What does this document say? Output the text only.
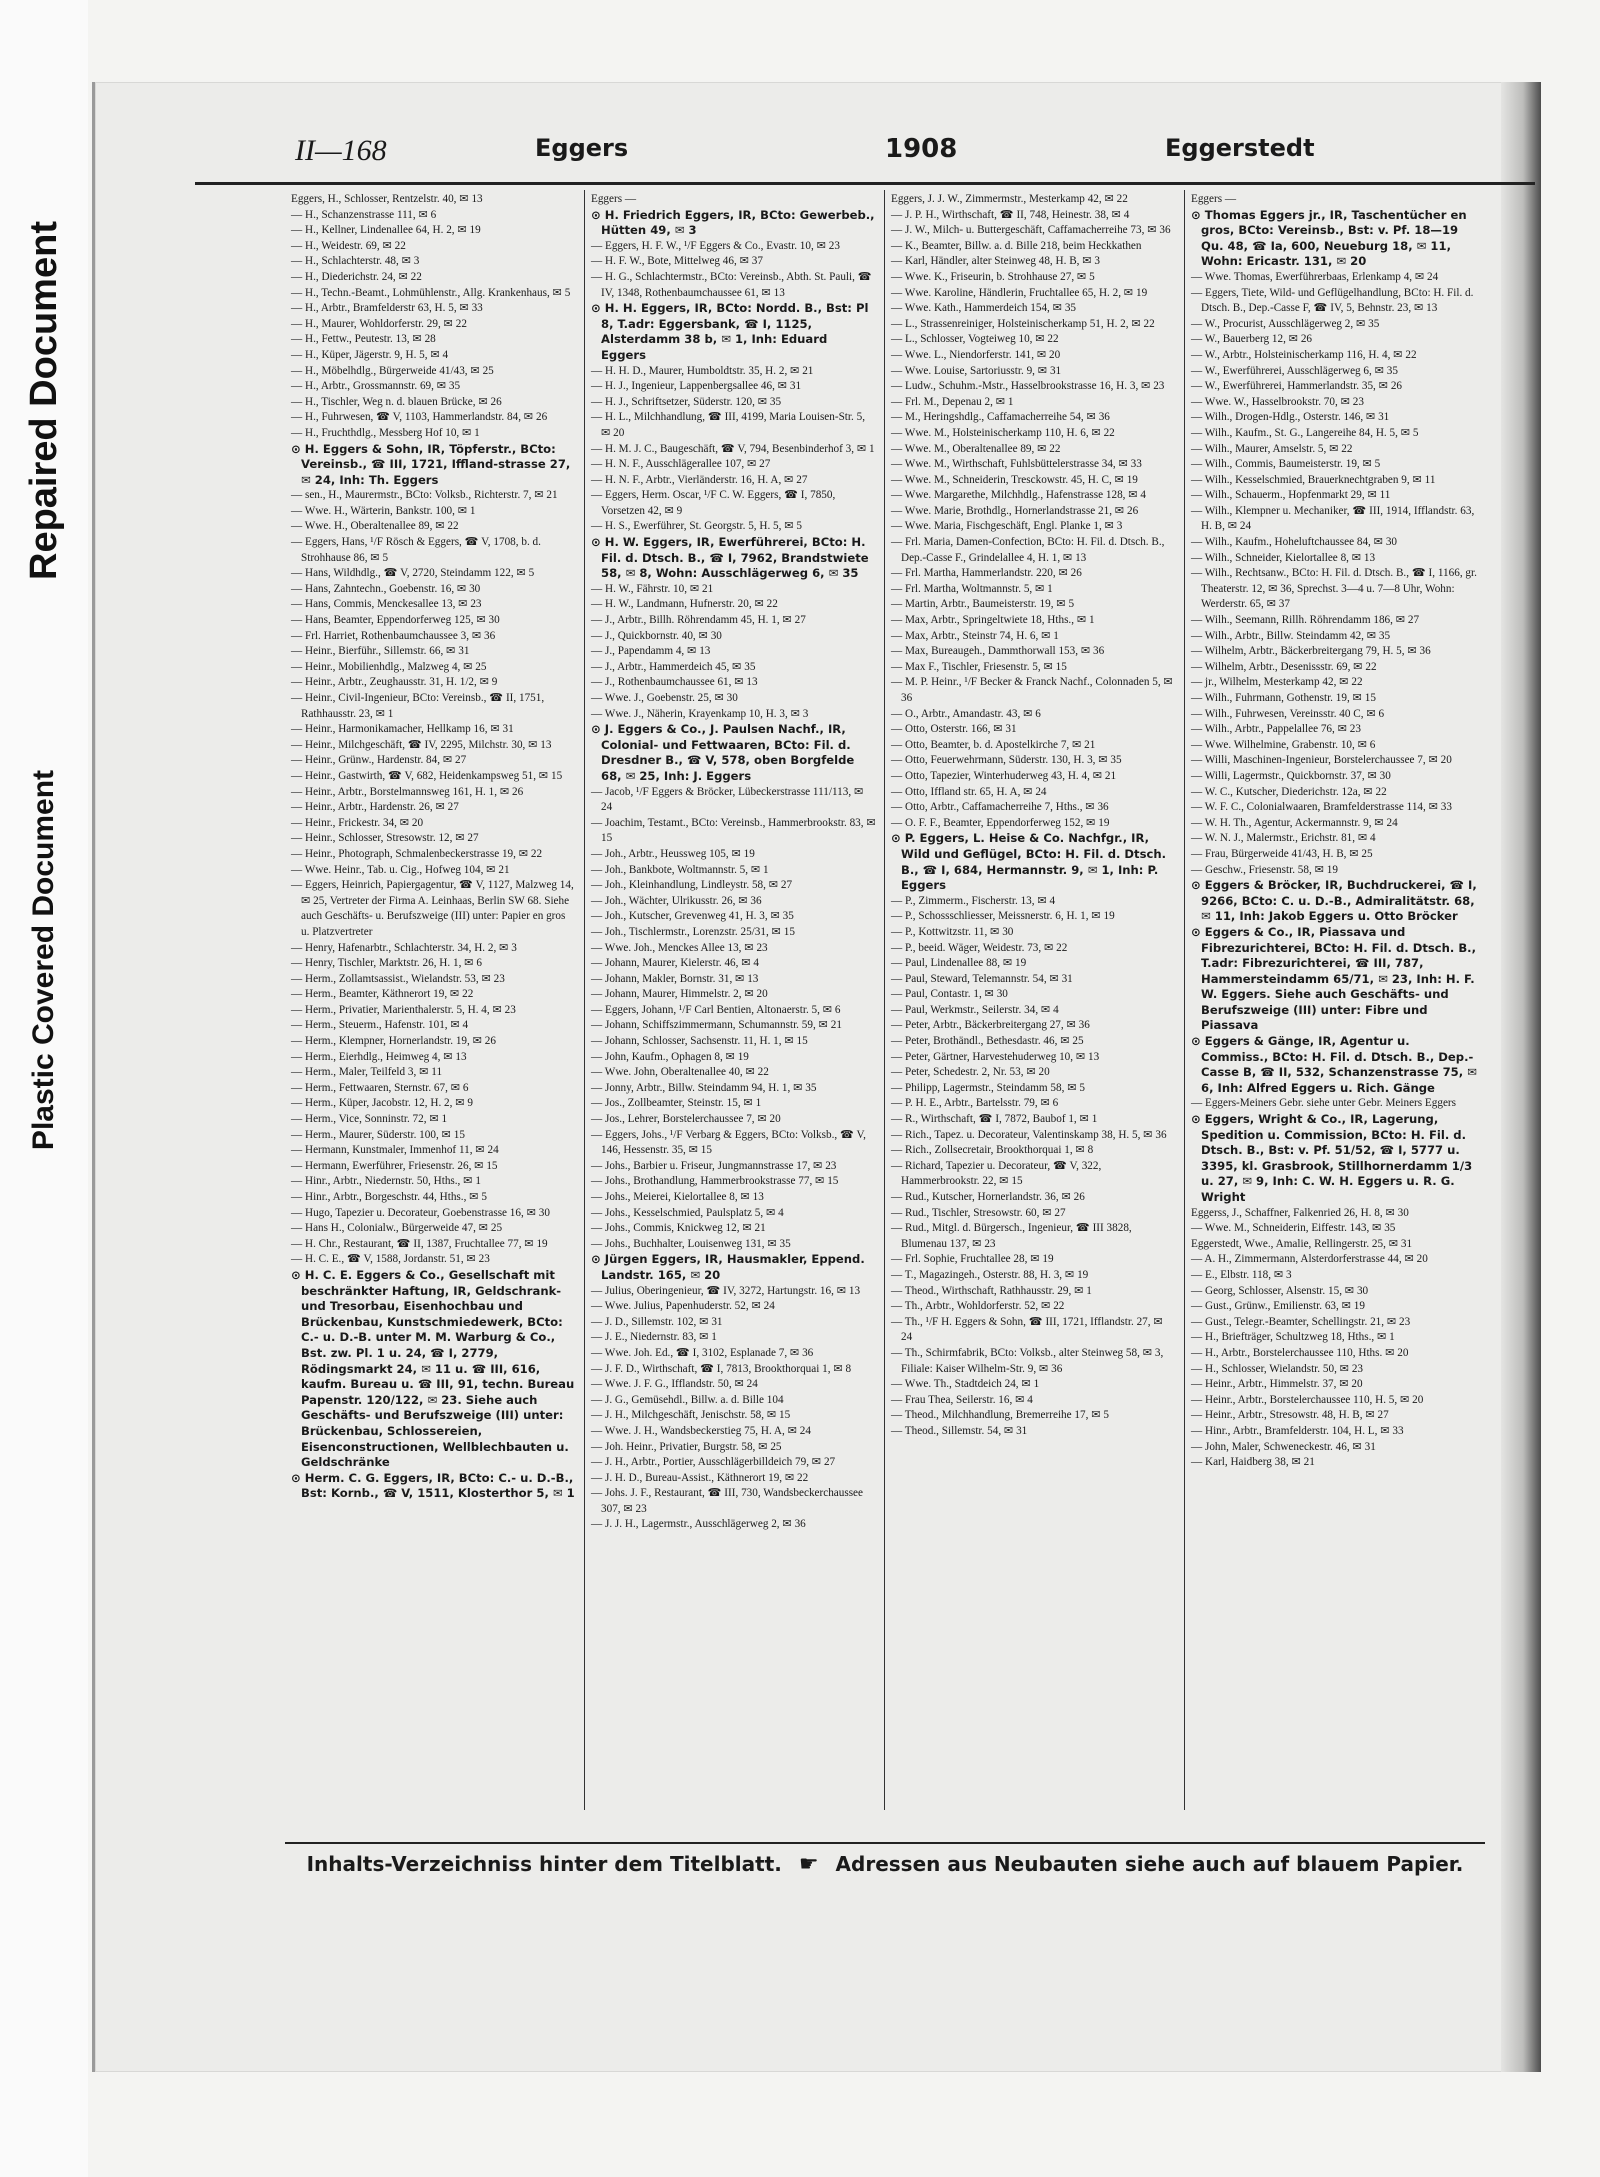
Repaired Document
Plastic Covered Document
II—168	Eggers	1908	Eggerstedt

Eggers, H., Schlosser, Rentzelstr. 40, ✉ 13

— H., Schanzenstrasse 111, ✉ 6

— H., Kellner, Lindenallee 64, H. 2, ✉ 19

— H., Weidestr. 69, ✉ 22

— H., Schlachterstr. 48, ✉ 3

— H., Diederichstr. 24, ✉ 22

— H., Techn.-Beamt., Lohmühlenstr., Allg. Krankenhaus, ✉ 5

— H., Arbtr., Bramfelderstr 63, H. 5, ✉ 33

— H., Maurer, Wohldorferstr. 29, ✉ 22

— H., Fettw., Peutestr. 13, ✉ 28

— H., Küper, Jägerstr. 9, H. 5, ✉ 4

— H., Möbelhdlg., Bürgerweide 41/43, ✉ 25

— H., Arbtr., Grossmannstr. 69, ✉ 35

— H., Tischler, Weg n. d. blauen Brücke, ✉ 26

— H., Fuhrwesen, ☎ V, 1103, Hammerlandstr. 84, ✉ 26

— H., Fruchthdlg., Messberg Hof 10, ✉ 1

⊙ H. Eggers & Sohn, IR, Töpferstr., BCto: Vereinsb., ☎ III, 1721, Iffland-strasse 27, ✉ 24, Inh: Th. Eggers

— sen., H., Maurermstr., BCto: Volksb., Richterstr. 7, ✉ 21

— Wwe. H., Wärterin, Bankstr. 100, ✉ 1

— Wwe. H., Oberaltenallee 89, ✉ 22

— Eggers, Hans, ¹/F Rösch & Eggers, ☎ V, 1708, b. d. Strohhause 86, ✉ 5

— Hans, Wildhdlg., ☎ V, 2720, Steindamm 122, ✉ 5

— Hans, Zahntechn., Goebenstr. 16, ✉ 30

— Hans, Commis, Menckesallee 13, ✉ 23

— Hans, Beamter, Eppendorferweg 125, ✉ 30

— Frl. Harriet, Rothenbaumchaussee 3, ✉ 36

— Heinr., Bierführ., Sillemstr. 66, ✉ 31

— Heinr., Mobilienhdlg., Malzweg 4, ✉ 25

— Heinr., Arbtr., Zeughausstr. 31, H. 1/2, ✉ 9

— Heinr., Civil-Ingenieur, BCto: Vereinsb., ☎ II, 1751, Rathhausstr. 23, ✉ 1

— Heinr., Harmonikamacher, Hellkamp 16, ✉ 31

— Heinr., Milchgeschäft, ☎ IV, 2295, Milchstr. 30, ✉ 13

— Heinr., Grünw., Hardenstr. 84, ✉ 27

— Heinr., Gastwirth, ☎ V, 682, Heidenkampsweg 51, ✉ 15

— Heinr., Arbtr., Borstelmannsweg 161, H. 1, ✉ 26

— Heinr., Arbtr., Hardenstr. 26, ✉ 27

— Heinr., Frickestr. 34, ✉ 20

— Heinr., Schlosser, Stresowstr. 12, ✉ 27

— Heinr., Photograph, Schmalenbeckerstrasse 19, ✉ 22

— Wwe. Heinr., Tab. u. Cig., Hofweg 104, ✉ 21

— Eggers, Heinrich, Papiergagentur, ☎ V, 1127, Malzweg 14, ✉ 25, Vertreter der Firma A. Leinhaas, Berlin SW 68. Siehe auch Geschäfts- u. Berufszweige (III) unter: Papier en gros u. Platzvertreter

— Henry, Hafenarbtr., Schlachterstr. 34, H. 2, ✉ 3

— Henry, Tischler, Marktstr. 26, H. 1, ✉ 6

— Herm., Zollamtsassist., Wielandstr. 53, ✉ 23

— Herm., Beamter, Käthnerort 19, ✉ 22

— Herm., Privatier, Marienthalerstr. 5, H. 4, ✉ 23

— Herm., Steuerm., Hafenstr. 101, ✉ 4

— Herm., Klempner, Hornerlandstr. 19, ✉ 26

— Herm., Eierhdlg., Heimweg 4, ✉ 13

— Herm., Maler, Teilfeld 3, ✉ 11

— Herm., Fettwaaren, Sternstr. 67, ✉ 6

— Herm., Küper, Jacobstr. 12, H. 2, ✉ 9

— Herm., Vice, Sonninstr. 72, ✉ 1

— Herm., Maurer, Süderstr. 100, ✉ 15

— Hermann, Kunstmaler, Immenhof 11, ✉ 24

— Hermann, Ewerführer, Friesenstr. 26, ✉ 15

— Hinr., Arbtr., Niedernstr. 50, Hths., ✉ 1

— Hinr., Arbtr., Borgeschstr. 44, Hths., ✉ 5

— Hugo, Tapezier u. Decorateur, Goebenstrasse 16, ✉ 30

— Hans H., Colonialw., Bürgerweide 47, ✉ 25

— H. Chr., Restaurant, ☎ II, 1387, Fruchtallee 77, ✉ 19

— H. C. E., ☎ V, 1588, Jordanstr. 51, ✉ 23

⊙ H. C. E. Eggers & Co., Gesellschaft mit beschränkter Haftung, IR, Geldschrank- und Tresorbau, Eisenhochbau und Brückenbau, Kunstschmiedewerk, BCto: C.- u. D.-B. unter M. M. Warburg & Co., Bst. zw. Pl. 1 u. 24, ☎ I, 2779, Rödingsmarkt 24, ✉ 11 u. ☎ III, 616, kaufm. Bureau u. ☎ III, 91, techn. Bureau Papenstr. 120/122, ✉ 23. Siehe auch Geschäfts- und Berufszweige (III) unter: Brückenbau, Schlossereien, Eisenconstructionen, Wellblechbauten u. Geldschränke

⊙ Herm. C. G. Eggers, IR, BCto: C.- u. D.-B., Bst: Kornb., ☎ V, 1511, Klosterthor 5, ✉ 1

Eggers —

⊙ H. Friedrich Eggers, IR, BCto: Gewerbeb., Hütten 49, ✉ 3

— Eggers, H. F. W., ¹/F Eggers & Co., Evastr. 10, ✉ 23

— H. F. W., Bote, Mittelweg 46, ✉ 37

— H. G., Schlachtermstr., BCto: Vereinsb., Abth. St. Pauli, ☎ IV, 1348, Rothenbaumchaussee 61, ✉ 13

⊙ H. H. Eggers, IR, BCto: Nordd. B., Bst: Pl 8, T.adr: Eggersbank, ☎ I, 1125, Alsterdamm 38 b, ✉ 1, Inh: Eduard Eggers

— H. H. D., Maurer, Humboldtstr. 35, H. 2, ✉ 21

— H. J., Ingenieur, Lappenbergsallee 46, ✉ 31

— H. J., Schriftsetzer, Süderstr. 120, ✉ 35

— H. L., Milchhandlung, ☎ III, 4199, Maria Louisen-Str. 5, ✉ 20

— H. M. J. C., Baugeschäft, ☎ V, 794, Besenbinderhof 3, ✉ 1

— H. N. F., Ausschlägerallee 107, ✉ 27

— H. N. F., Arbtr., Vierländerstr. 16, H. A, ✉ 27

— Eggers, Herm. Oscar, ¹/F C. W. Eggers, ☎ I, 7850, Vorsetzen 42, ✉ 9

— H. S., Ewerführer, St. Georgstr. 5, H. 5, ✉ 5

⊙ H. W. Eggers, IR, Ewerführerei, BCto: H. Fil. d. Dtsch. B., ☎ I, 7962, Brandstwiete 58, ✉ 8, Wohn: Ausschlägerweg 6, ✉ 35

— H. W., Fährstr. 10, ✉ 21

— H. W., Landmann, Hufnerstr. 20, ✉ 22

— J., Arbtr., Billh. Röhrendamm 45, H. 1, ✉ 27

— J., Quickbornstr. 40, ✉ 30

— J., Papendamm 4, ✉ 13

— J., Arbtr., Hammerdeich 45, ✉ 35

— J., Rothenbaumchaussee 61, ✉ 13

— Wwe. J., Goebenstr. 25, ✉ 30

— Wwe. J., Näherin, Krayenkamp 10, H. 3, ✉ 3

⊙ J. Eggers & Co., J. Paulsen Nachf., IR, Colonial- und Fettwaaren, BCto: Fil. d. Dresdner B., ☎ V, 578, oben Borgfelde 68, ✉ 25, Inh: J. Eggers

— Jacob, ¹/F Eggers & Bröcker, Lübeckerstrasse 111/113, ✉ 24

— Joachim, Testamt., BCto: Vereinsb., Hammerbrookstr. 83, ✉ 15

— Joh., Arbtr., Heussweg 105, ✉ 19

— Joh., Bankbote, Woltmannstr. 5, ✉ 1

— Joh., Kleinhandlung, Lindleystr. 58, ✉ 27

— Joh., Wächter, Ulrikusstr. 26, ✉ 36

— Joh., Kutscher, Grevenweg 41, H. 3, ✉ 35

— Joh., Tischlermstr., Lorenzstr. 25/31, ✉ 15

— Wwe. Joh., Menckes Allee 13, ✉ 23

— Johann, Maurer, Kielerstr. 46, ✉ 4

— Johann, Makler, Bornstr. 31, ✉ 13

— Johann, Maurer, Himmelstr. 2, ✉ 20

— Eggers, Johann, ¹/F Carl Bentien, Altonaerstr. 5, ✉ 6

— Johann, Schiffszimmermann, Schumannstr. 59, ✉ 21

— Johann, Schlosser, Sachsenstr. 11, H. 1, ✉ 15

— John, Kaufm., Ophagen 8, ✉ 19

— Wwe. John, Oberaltenallee 40, ✉ 22

— Jonny, Arbtr., Billw. Steindamm 94, H. 1, ✉ 35

— Jos., Zollbeamter, Steinstr. 15, ✉ 1

— Jos., Lehrer, Borstelerchaussee 7, ✉ 20

— Eggers, Johs., ¹/F Verbarg & Eggers, BCto: Volksb., ☎ V, 146, Hessenstr. 35, ✉ 15

— Johs., Barbier u. Friseur, Jungmannstrasse 17, ✉ 23

— Johs., Brothandlung, Hammerbrookstrasse 77, ✉ 15

— Johs., Meierei, Kielortallee 8, ✉ 13

— Johs., Kesselschmied, Paulsplatz 5, ✉ 4

— Johs., Commis, Knickweg 12, ✉ 21

— Johs., Buchhalter, Louisenweg 131, ✉ 35

⊙ Jürgen Eggers, IR, Hausmakler, Eppend. Landstr. 165, ✉ 20

— Julius, Oberingenieur, ☎ IV, 3272, Hartungstr. 16, ✉ 13

— Wwe. Julius, Papenhuderstr. 52, ✉ 24

— J. D., Sillemstr. 102, ✉ 31

— J. E., Niedernstr. 83, ✉ 1

— Wwe. Joh. Ed., ☎ I, 3102, Esplanade 7, ✉ 36

— J. F. D., Wirthschaft, ☎ I, 7813, Brookthorquai 1, ✉ 8

— Wwe. J. F. G., Ifflandstr. 50, ✉ 24

— J. G., Gemüsehdl., Billw. a. d. Bille 104

— J. H., Milchgeschäft, Jenischstr. 58, ✉ 15

— Wwe. J. H., Wandsbeckerstieg 75, H. A, ✉ 24

— Joh. Heinr., Privatier, Burgstr. 58, ✉ 25

— J. H., Arbtr., Portier, Ausschlägerbilldeich 79, ✉ 27

— J. H. D., Bureau-Assist., Käthnerort 19, ✉ 22

— Johs. J. F., Restaurant, ☎ III, 730, Wandsbeckerchaussee 307, ✉ 23

— J. J. H., Lagermstr., Ausschlägerweg 2, ✉ 36

Eggers, J. J. W., Zimmermstr., Mesterkamp 42, ✉ 22

— J. P. H., Wirthschaft, ☎ II, 748, Heinestr. 38, ✉ 4

— J. W., Milch- u. Buttergeschäft, Caffamacherreihe 73, ✉ 36

— K., Beamter, Billw. a. d. Bille 218, beim Heckkathen

— Karl, Händler, alter Steinweg 48, H. B, ✉ 3

— Wwe. K., Friseurin, b. Strohhause 27, ✉ 5

— Wwe. Karoline, Händlerin, Fruchtallee 65, H. 2, ✉ 19

— Wwe. Kath., Hammerdeich 154, ✉ 35

— L., Strassenreiniger, Holsteinischerkamp 51, H. 2, ✉ 22

— L., Schlosser, Vogteiweg 10, ✉ 22

— Wwe. L., Niendorferstr. 141, ✉ 20

— Wwe. Louise, Sartoriusstr. 9, ✉ 31

— Ludw., Schuhm.-Mstr., Hasselbrookstrasse 16, H. 3, ✉ 23

— Frl. M., Depenau 2, ✉ 1

— M., Heringshdlg., Caffamacherreihe 54, ✉ 36

— Wwe. M., Holsteinischerkamp 110, H. 6, ✉ 22

— Wwe. M., Oberaltenallee 89, ✉ 22

— Wwe. M., Wirthschaft, Fuhlsbüttelerstrasse 34, ✉ 33

— Wwe. M., Schneiderin, Tresckowstr. 45, H. C, ✉ 19

— Wwe. Margarethe, Milchhdlg., Hafenstrasse 128, ✉ 4

— Wwe. Marie, Brothdlg., Hornerlandstrasse 21, ✉ 26

— Wwe. Maria, Fischgeschäft, Engl. Planke 1, ✉ 3

— Frl. Maria, Damen-Confection, BCto: H. Fil. d. Dtsch. B., Dep.-Casse F., Grindelallee 4, H. 1, ✉ 13

— Frl. Martha, Hammerlandstr. 220, ✉ 26

— Frl. Martha, Woltmannstr. 5, ✉ 1

— Martin, Arbtr., Baumeisterstr. 19, ✉ 5

— Max, Arbtr., Springeltwiete 18, Hths., ✉ 1

— Max, Arbtr., Steinstr 74, H. 6, ✉ 1

— Max, Bureaugeh., Dammthorwall 153, ✉ 36

— Max F., Tischler, Friesenstr. 5, ✉ 15

— M. P. Heinr., ¹/F Becker & Franck Nachf., Colonnaden 5, ✉ 36

— O., Arbtr., Amandastr. 43, ✉ 6

— Otto, Osterstr. 166, ✉ 31

— Otto, Beamter, b. d. Apostelkirche 7, ✉ 21

— Otto, Feuerwehrmann, Süderstr. 130, H. 3, ✉ 35

— Otto, Tapezier, Winterhuderweg 43, H. 4, ✉ 21

— Otto, Iffland str. 65, H. A, ✉ 24

— Otto, Arbtr., Caffamacherreihe 7, Hths., ✉ 36

— O. F. F., Beamter, Eppendorferweg 152, ✉ 19

⊙ P. Eggers, L. Heise & Co. Nachfgr., IR, Wild und Geflügel, BCto: H. Fil. d. Dtsch. B., ☎ I, 684, Hermannstr. 9, ✉ 1, Inh: P. Eggers

— P., Zimmerm., Fischerstr. 13, ✉ 4

— P., Schossschliesser, Meissnerstr. 6, H. 1, ✉ 19

— P., Kottwitzstr. 11, ✉ 30

— P., beeid. Wäger, Weidestr. 73, ✉ 22

— Paul, Lindenallee 88, ✉ 19

— Paul, Steward, Telemannstr. 54, ✉ 31

— Paul, Contastr. 1, ✉ 30

— Paul, Werkmstr., Seilerstr. 34, ✉ 4

— Peter, Arbtr., Bäckerbreitergang 27, ✉ 36

— Peter, Brothändl., Bethesdastr. 46, ✉ 25

— Peter, Gärtner, Harvestehuderweg 10, ✉ 13

— Peter, Schedestr. 2, Nr. 53, ✉ 20

— Philipp, Lagermstr., Steindamm 58, ✉ 5

— P. H. E., Arbtr., Bartelsstr. 79, ✉ 6

— R., Wirthschaft, ☎ I, 7872, Baubof 1, ✉ 1

— Rich., Tapez. u. Decorateur, Valentinskamp 38, H. 5, ✉ 36

— Rich., Zollsecretair, Brookthorquai 1, ✉ 8

— Richard, Tapezier u. Decorateur, ☎ V, 322, Hammerbrookstr. 22, ✉ 15

— Rud., Kutscher, Hornerlandstr. 36, ✉ 26

— Rud., Tischler, Stresowstr. 60, ✉ 27

— Rud., Mitgl. d. Bürgersch., Ingenieur, ☎ III 3828, Blumenau 137, ✉ 23

— Frl. Sophie, Fruchtallee 28, ✉ 19

— T., Magazingeh., Osterstr. 88, H. 3, ✉ 19

— Theod., Wirthschaft, Rathhausstr. 29, ✉ 1

— Th., Arbtr., Wohldorferstr. 52, ✉ 22

— Th., ¹/F H. Eggers & Sohn, ☎ III, 1721, Ifflandstr. 27, ✉ 24

— Th., Schirmfabrik, BCto: Volksb., alter Steinweg 58, ✉ 3, Filiale: Kaiser Wilhelm-Str. 9, ✉ 36

— Wwe. Th., Stadtdeich 24, ✉ 1

— Frau Thea, Seilerstr. 16, ✉ 4

— Theod., Milchhandlung, Bremerreihe 17, ✉ 5

— Theod., Sillemstr. 54, ✉ 31

Eggers —

⊙ Thomas Eggers jr., IR, Taschentücher en gros, BCto: Vereinsb., Bst: v. Pf. 18—19 Qu. 48, ☎ Ia, 600, Neueburg 18, ✉ 11, Wohn: Ericastr. 131, ✉ 20

— Wwe. Thomas, Ewerführerbaas, Erlenkamp 4, ✉ 24

— Eggers, Tiete, Wild- und Geflügelhandlung, BCto: H. Fil. d. Dtsch. B., Dep.-Casse F, ☎ IV, 5, Behnstr. 23, ✉ 13

— W., Procurist, Ausschlägerweg 2, ✉ 35

— W., Bauerberg 12, ✉ 26

— W., Arbtr., Holsteinischerkamp 116, H. 4, ✉ 22

— W., Ewerführerei, Ausschlägerweg 6, ✉ 35

— W., Ewerführerei, Hammerlandstr. 35, ✉ 26

— Wwe. W., Hasselbrookstr. 70, ✉ 23

— Wilh., Drogen-Hdlg., Osterstr. 146, ✉ 31

— Wilh., Kaufm., St. G., Langereihe 84, H. 5, ✉ 5

— Wilh., Maurer, Amselstr. 5, ✉ 22

— Wilh., Commis, Baumeisterstr. 19, ✉ 5

— Wilh., Kesselschmied, Brauerknechtgraben 9, ✉ 11

— Wilh., Schauerm., Hopfenmarkt 29, ✉ 11

— Wilh., Klempner u. Mechaniker, ☎ III, 1914, Ifflandstr. 63, H. B, ✉ 24

— Wilh., Kaufm., Hoheluftchaussee 84, ✉ 30

— Wilh., Schneider, Kielortallee 8, ✉ 13

— Wilh., Rechtsanw., BCto: H. Fil. d. Dtsch. B., ☎ I, 1166, gr. Theaterstr. 12, ✉ 36, Sprechst. 3—4 u. 7—8 Uhr, Wohn: Werderstr. 65, ✉ 37

— Wilh., Seemann, Rillh. Röhrendamm 186, ✉ 27

— Wilh., Arbtr., Billw. Steindamm 42, ✉ 35

— Wilhelm, Arbtr., Bäckerbreitergang 79, H. 5, ✉ 36

— Wilhelm, Arbtr., Desenissstr. 69, ✉ 22

— jr., Wilhelm, Mesterkamp 42, ✉ 22

— Wilh., Fuhrmann, Gothenstr. 19, ✉ 15

— Wilh., Fuhrwesen, Vereinsstr. 40 C, ✉ 6

— Wilh., Arbtr., Pappelallee 76, ✉ 23

— Wwe. Wilhelmine, Grabenstr. 10, ✉ 6

— Willi, Maschinen-Ingenieur, Borstelerchaussee 7, ✉ 20

— Willi, Lagermstr., Quickbornstr. 37, ✉ 30

— W. C., Kutscher, Diederichstr. 12a, ✉ 22

— W. F. C., Colonialwaaren, Bramfelderstrasse 114, ✉ 33

— W. H. Th., Agentur, Ackermannstr. 9, ✉ 24

— W. N. J., Malermstr., Erichstr. 81, ✉ 4

— Frau, Bürgerweide 41/43, H. B, ✉ 25

— Geschw., Friesenstr. 58, ✉ 19

⊙ Eggers & Bröcker, IR, Buchdruckerei, ☎ I, 9266, BCto: C. u. D.-B., Admiralitätstr. 68, ✉ 11, Inh: Jakob Eggers u. Otto Bröcker

⊙ Eggers & Co., IR, Piassava und Fibrezurichterei, BCto: H. Fil. d. Dtsch. B., T.adr: Fibrezurichterei, ☎ III, 787, Hammersteindamm 65/71, ✉ 23, Inh: H. F. W. Eggers. Siehe auch Geschäfts- und Berufszweige (III) unter: Fibre und Piassava

⊙ Eggers & Gänge, IR, Agentur u. Commiss., BCto: H. Fil. d. Dtsch. B., Dep.-Casse B, ☎ II, 532, Schanzenstrasse 75, ✉ 6, Inh: Alfred Eggers u. Rich. Gänge

— Eggers-Meiners Gebr. siehe unter Gebr. Meiners Eggers

⊙ Eggers, Wright & Co., IR, Lagerung, Spedition u. Commission, BCto: H. Fil. d. Dtsch. B., Bst: v. Pf. 51/52, ☎ I, 5777 u. 3395, kl. Grasbrook, Stillhornerdamm 1/3 u. 27, ✉ 9, Inh: C. W. H. Eggers u. R. G. Wright

Eggerss, J., Schaffner, Falkenried 26, H. 8, ✉ 30

— Wwe. M., Schneiderin, Eiffestr. 143, ✉ 35

Eggerstedt, Wwe., Amalie, Rellingerstr. 25, ✉ 31

— A. H., Zimmermann, Alsterdorferstrasse 44, ✉ 20

— E., Elbstr. 118, ✉ 3

— Georg, Schlosser, Alsenstr. 15, ✉ 30

— Gust., Grünw., Emilienstr. 63, ✉ 19

— Gust., Telegr.-Beamter, Schellingstr. 21, ✉ 23

— H., Briefträger, Schultzweg 18, Hths., ✉ 1

— H., Arbtr., Borstelerchaussee 110, Hths. ✉ 20

— H., Schlosser, Wielandstr. 50, ✉ 23

— Heinr., Arbtr., Himmelstr. 37, ✉ 20

— Heinr., Arbtr., Borstelerchaussee 110, H. 5, ✉ 20

— Heinr., Arbtr., Stresowstr. 48, H. B, ✉ 27

— Hinr., Arbtr., Bramfelderstr. 104, H. L, ✉ 33

— John, Maler, Schweneckestr. 46, ✉ 31

— Karl, Haidberg 38, ✉ 21

Inhalts-Verzeichniss hinter dem Titelblatt. ☛ Adressen aus Neubauten siehe auch auf blauem Papier.
